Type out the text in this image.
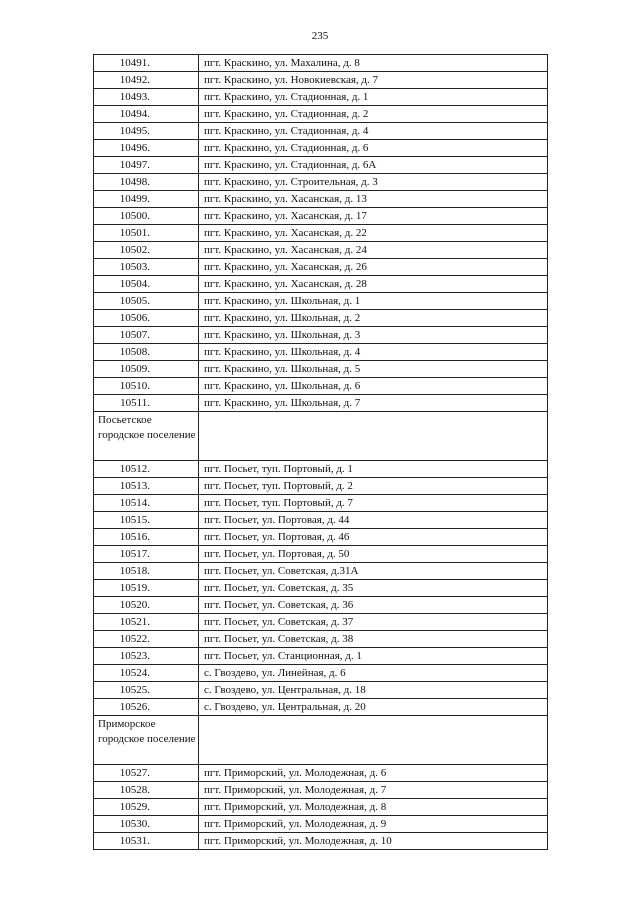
235
10491.	пгт. Краскино, ул. Махалина, д. 8
10492.	пгт. Краскино, ул. Новокиевская, д. 7
10493.	пгт. Краскино, ул. Стадионная, д. 1
10494.	пгт. Краскино, ул. Стадионная, д. 2
10495.	пгт. Краскино, ул. Стадионная, д. 4
10496.	пгт. Краскино, ул. Стадионная, д. 6
10497.	пгт. Краскино, ул. Стадионная, д. 6А
10498.	пгт. Краскино, ул. Строительная, д. 3
10499.	пгт. Краскино, ул. Хасанская, д. 13
10500.	пгт. Краскино, ул. Хасанская, д. 17
10501.	пгт. Краскино, ул. Хасанская, д. 22
10502.	пгт. Краскино, ул. Хасанская, д. 24
10503.	пгт. Краскино, ул. Хасанская, д. 26
10504.	пгт. Краскино, ул. Хасанская, д. 28
10505.	пгт. Краскино, ул. Школьная, д. 1
10506.	пгт. Краскино, ул. Школьная, д. 2
10507.	пгт. Краскино, ул. Школьная, д. 3
10508.	пгт. Краскино, ул. Школьная, д. 4
10509.	пгт. Краскино, ул. Школьная, д. 5
10510.	пгт. Краскино, ул. Школьная, д. 6
10511.	пгт. Краскино, ул. Школьная, д. 7
Посьетское городское поселение	
10512.	пгт. Посьет, туп. Портовый, д. 1
10513.	пгт. Посьет, туп. Портовый, д. 2
10514.	пгт. Посьет, туп. Портовый, д. 7
10515.	пгт. Посьет, ул. Портовая, д. 44
10516.	пгт. Посьет, ул. Портовая, д. 46
10517.	пгт. Посьет, ул. Портовая, д. 50
10518.	пгт. Посьет, ул. Советская, д.31А
10519.	пгт. Посьет, ул. Советская, д. 35
10520.	пгт. Посьет, ул. Советская, д. 36
10521.	пгт. Посьет, ул. Советская, д. 37
10522.	пгт. Посьет, ул. Советская, д. 38
10523.	пгт. Посьет, ул. Станционная, д. 1
10524.	с. Гвоздево, ул. Линейная, д. 6
10525.	с. Гвоздево, ул. Центральная, д. 18
10526.	с. Гвоздево, ул. Центральная, д. 20
Приморское городское поселение	
10527.	пгт. Приморский, ул. Молодежная, д. 6
10528.	пгт. Приморский, ул. Молодежная, д. 7
10529.	пгт. Приморский, ул. Молодежная, д. 8
10530.	пгт. Приморский, ул. Молодежная, д. 9
10531.	пгт. Приморский, ул. Молодежная, д. 10
